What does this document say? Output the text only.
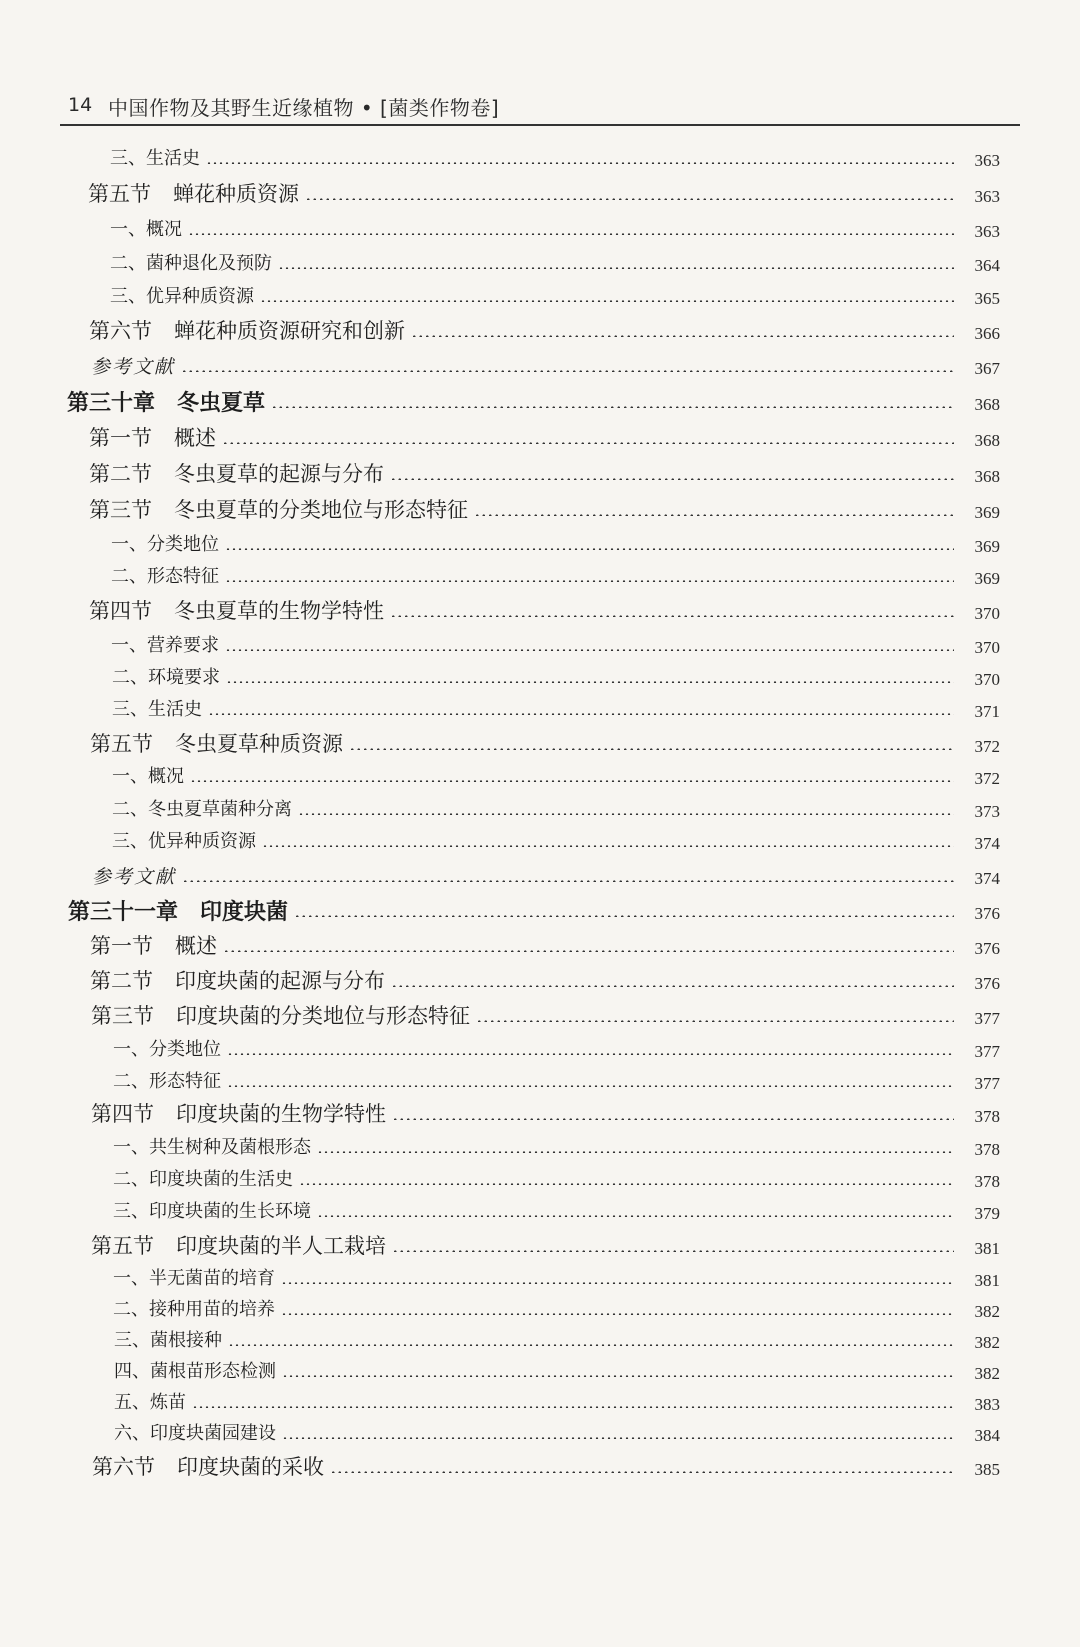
14 中国作物及其野生近缘植物 • [菌类作物卷]
三、生活史	363
第五节 蝉花种质资源	363
一、概况	363
二、菌种退化及预防	364
三、优异种质资源	365
第六节 蝉花种质资源研究和创新	366
参考文献	367
第三十章 冬虫夏草	368
第一节 概述	368
第二节 冬虫夏草的起源与分布	368
第三节 冬虫夏草的分类地位与形态特征	369
一、分类地位	369
二、形态特征	369
第四节 冬虫夏草的生物学特性	370
一、营养要求	370
二、环境要求	370
三、生活史	371
第五节 冬虫夏草种质资源	372
一、概况	372
二、冬虫夏草菌种分离	373
三、优异种质资源	374
参考文献	374
第三十一章 印度块菌	376
第一节 概述	376
第二节 印度块菌的起源与分布	376
第三节 印度块菌的分类地位与形态特征	377
一、分类地位	377
二、形态特征	377
第四节 印度块菌的生物学特性	378
一、共生树种及菌根形态	378
二、印度块菌的生活史	378
三、印度块菌的生长环境	379
第五节 印度块菌的半人工栽培	381
一、半无菌苗的培育	381
二、接种用苗的培养	382
三、菌根接种	382
四、菌根苗形态检测	382
五、炼苗	383
六、印度块菌园建设	384
第六节 印度块菌的采收	385
